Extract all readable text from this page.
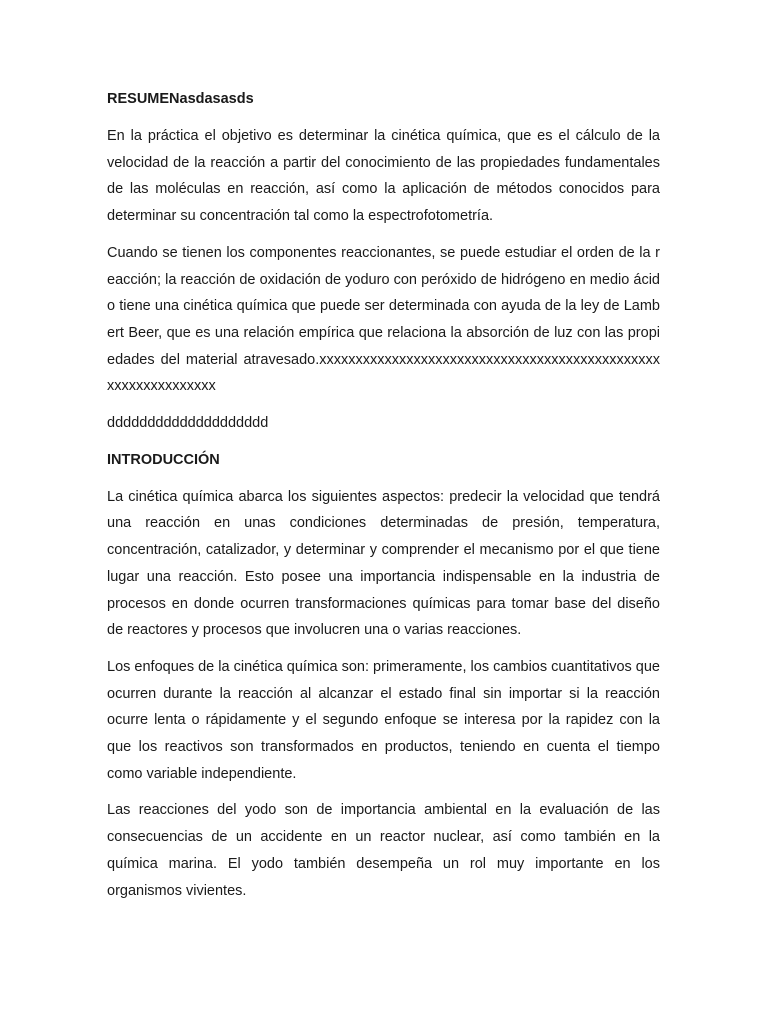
RESUMENasdasasds

En la práctica el objetivo es determinar la cinética química, que es el cálculo de la velocidad de la reacción a partir del conocimiento de las propiedades fundamentales de las moléculas en reacción, así como la aplicación de métodos conocidos para determinar su concentración tal como la espectrofotometría.

Cuando se tienen los componentes reaccionantes, se puede estudiar el orden de la reacción; la reacción de oxidación de yoduro con peróxido de hidrógeno en medio ácido tiene una cinética química que puede ser determinada con ayuda de la ley de Lambert Beer, que es una relación empírica que relaciona la absorción de luz con las propiedades del material atravesado.xxxxxxxxxxxxxxxxxxxxxxxxxxxxxxxxxxxxxxxxxxxxxxxxxxxxxxxxxxxxxx

dddddddddddddddddddd

INTRODUCCIÓN

La cinética química abarca los siguientes aspectos: predecir la velocidad que tendrá una reacción en unas condiciones determinadas de presión, temperatura, concentración, catalizador, y determinar y comprender el mecanismo por el que tiene lugar una reacción. Esto posee una importancia indispensable en la industria de procesos en donde ocurren transformaciones químicas para tomar base del diseño de reactores y procesos que involucren una o varias reacciones.

Los enfoques de la cinética química son: primeramente, los cambios cuantitativos que ocurren durante la reacción al alcanzar el estado final sin importar si la reacción ocurre lenta o rápidamente y el segundo enfoque se interesa por la rapidez con la que los reactivos son transformados en productos, teniendo en cuenta el tiempo como variable independiente.

Las reacciones del yodo son de importancia ambiental en la evaluación de las consecuencias de un accidente en un reactor nuclear, así como también en la química marina. El yodo también desempeña un rol muy importante en los organismos vivientes.
